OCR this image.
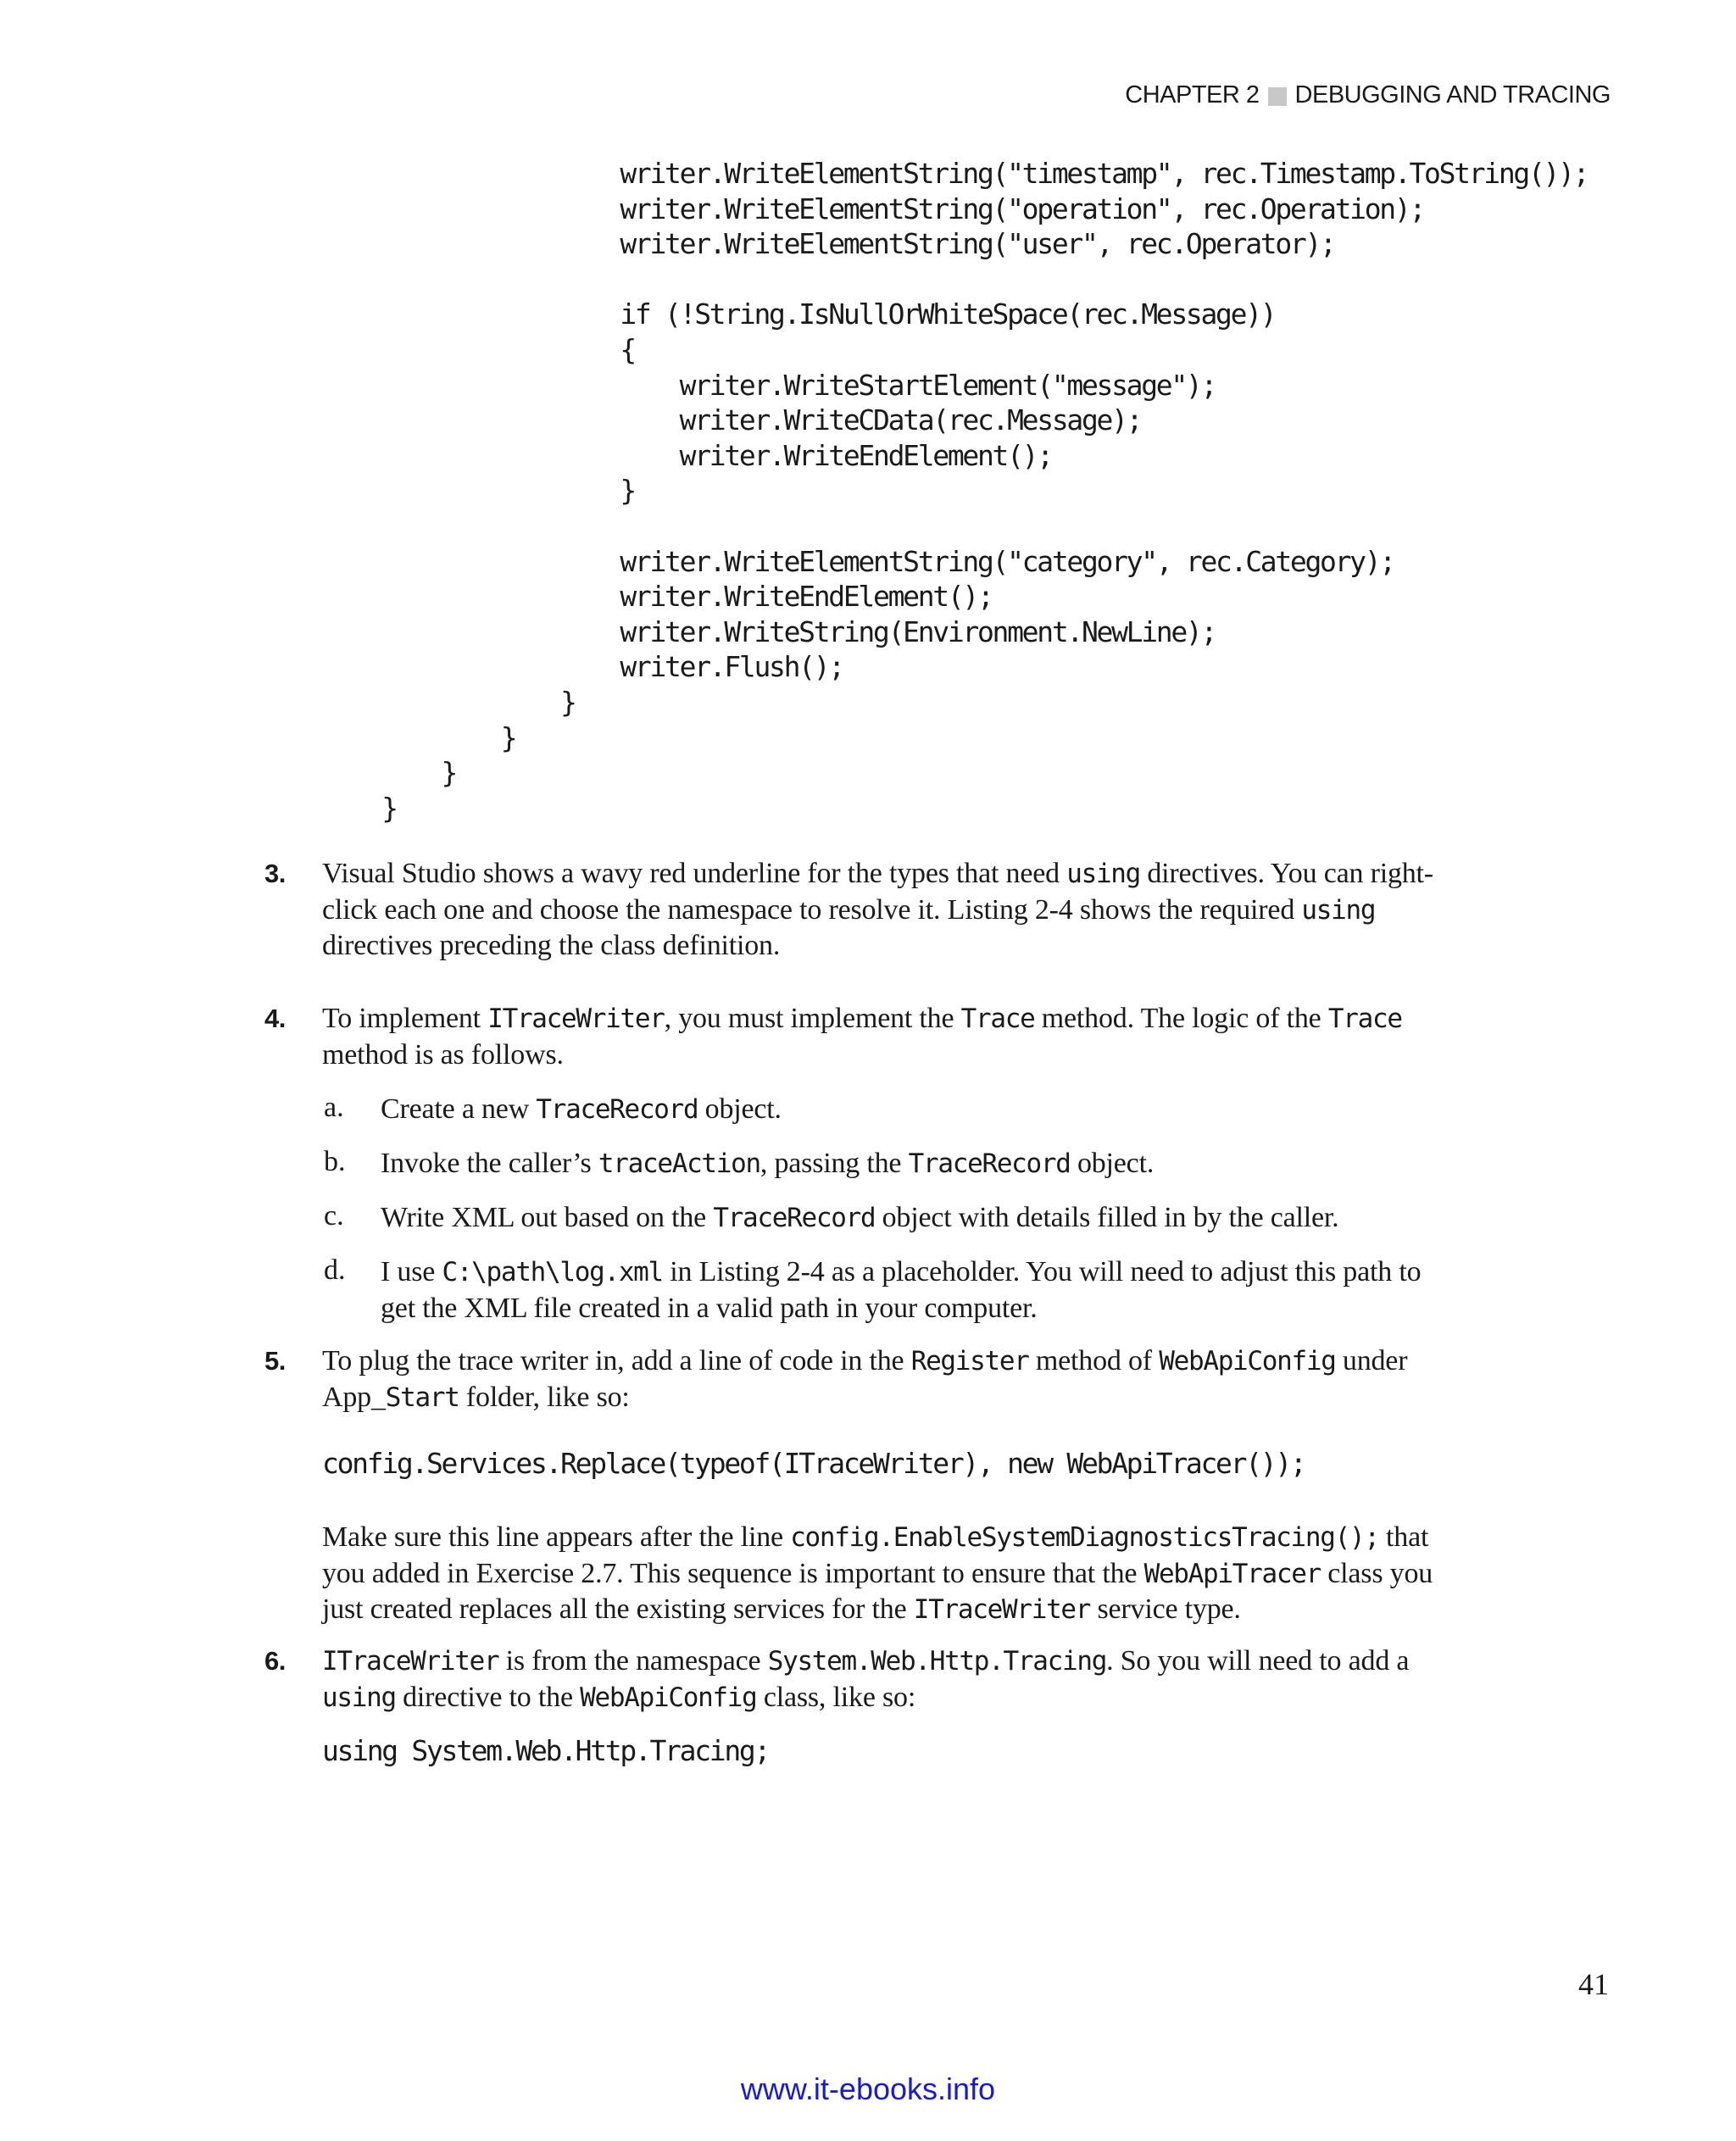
CHAPTER 2 DEBUGGING AND TRACING
writer.WriteElementString("timestamp", rec.Timestamp.ToString());
writer.WriteElementString("operation", rec.Operation);
writer.WriteElementString("user", rec.Operator);

if (!String.IsNullOrWhiteSpace(rec.Message))
{
writer.WriteStartElement("message");
writer.WriteCData(rec.Message);
writer.WriteEndElement();
}

writer.WriteElementString("category", rec.Category);
writer.WriteEndElement();
writer.WriteString(Environment.NewLine);
writer.Flush();
}
}
}
}
3. Visual Studio shows a wavy red underline for the types that need using directives. You can right-click each one and choose the namespace to resolve it. Listing 2-4 shows the required using directives preceding the class definition.
4. To implement ITraceWriter, you must implement the Trace method. The logic of the Trace method is as follows.
a. Create a new TraceRecord object.
b. Invoke the caller’s traceAction, passing the TraceRecord object.
c. Write XML out based on the TraceRecord object with details filled in by the caller.
d. I use C:\path\log.xml in Listing 2-4 as a placeholder. You will need to adjust this path to get the XML file created in a valid path in your computer.
5. To plug the trace writer in, add a line of code in the Register method of WebApiConfig under App_Start folder, like so:
config.Services.Replace(typeof(ITraceWriter), new WebApiTracer());
Make sure this line appears after the line config.EnableSystemDiagnosticsTracing(); that you added in Exercise 2.7. This sequence is important to ensure that the WebApiTracer class you just created replaces all the existing services for the ITraceWriter service type.
6. ITraceWriter is from the namespace System.Web.Http.Tracing. So you will need to add a using directive to the WebApiConfig class, like so:
using System.Web.Http.Tracing;
41
www.it-ebooks.info
